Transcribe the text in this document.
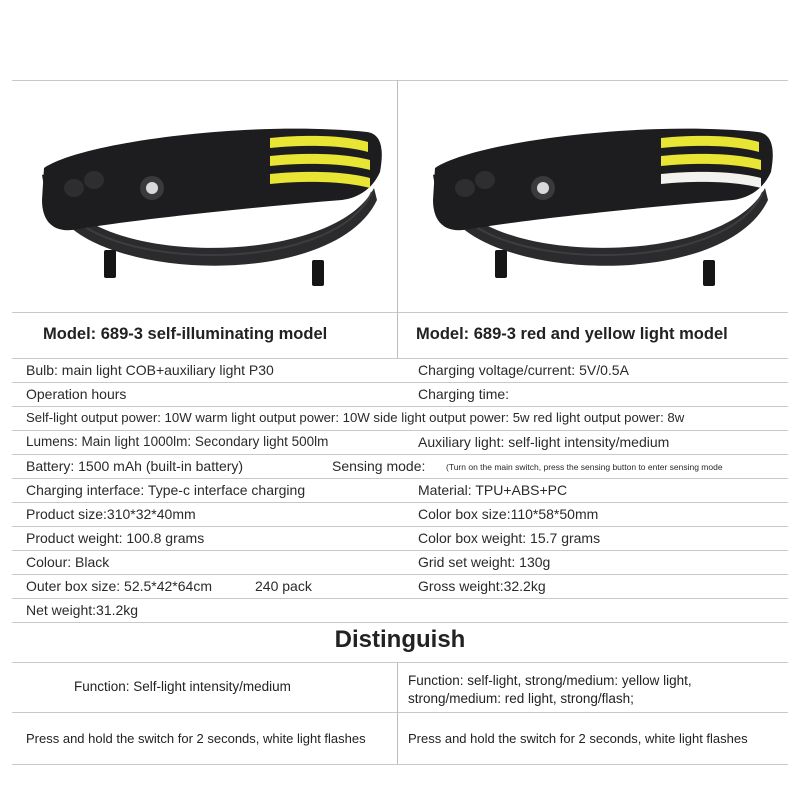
Model: 689-3 self-illuminating model	Model: 689-3 red and yellow light model
Bulb: main light COB+auxiliary light P30	Charging voltage/current: 5V/0.5A
Operation hours	Charging time:
Self-light output power: 10W warm light output power: 10W side light output power: 5w red light output power: 8w
Lumens: Main light 1000lm: Secondary light 500lm	Auxiliary light: self-light intensity/medium
Battery: 1500 mAh (built-in battery)	Sensing mode: (Turn on the main switch, press the sensing button to enter sensing mode
Charging interface: Type-c interface charging	Material: TPU+ABS+PC
Product size:310*32*40mm	Color box size:110*58*50mm
Product weight: 100.8 grams	Color box weight: 15.7 grams
Colour: Black	Grid set weight: 130g
Outer box size: 52.5*42*64cm	240 pack	Gross weight:32.2kg
Net weight:31.2kg
Distinguish
Function: Self-light intensity/medium	Function: self-light, strong/medium: yellow light,
strong/medium: red light, strong/flash;
Press and hold the switch for 2 seconds, white light flashes	Press and hold the switch for 2 seconds, white light flashes
